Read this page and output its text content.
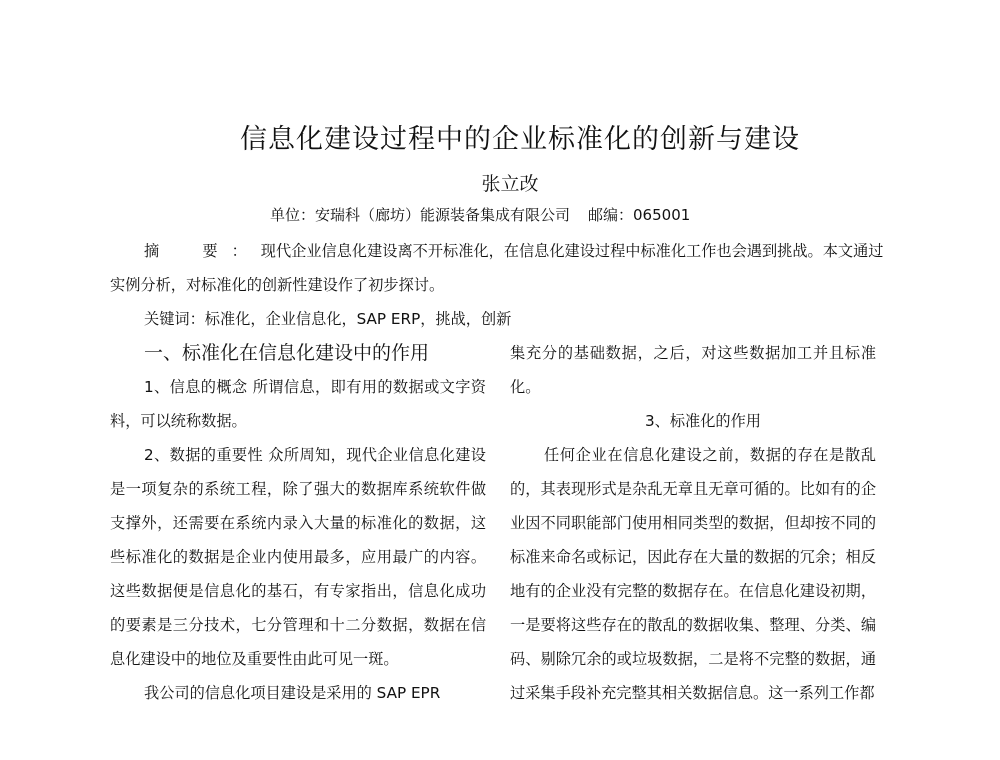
信息化建设过程中的企业标准化的创新与建设
张立改
单位：安瑞科（廊坊）能源装备集成有限公司 邮编：065001

摘　要：现代企业信息化建设离不开标准化，在信息化建设过程中标准化工作也会遇到挑战。本文通过实例分析，对标准化的创新性建设作了初步探讨。

关键词：标准化，企业信息化，SAP ERP，挑战，创新
一、标准化在信息化建设中的作用

1、信息的概念 所谓信息，即有用的数据或文字资料，可以统称数据。

2、数据的重要性 众所周知，现代企业信息化建设是一项复杂的系统工程，除了强大的数据库系统软件做支撑外，还需要在系统内录入大量的标准化的数据，这些标准化的数据是企业内使用最多，应用最广的内容。这些数据便是信息化的基石，有专家指出，信息化成功的要素是三分技术，七分管理和十二分数据，数据在信息化建设中的地位及重要性由此可见一斑。

我公司的信息化项目建设是采用的 SAP EPR

集充分的基础数据，之后，对这些数据加工并且标准化。

3、标准化的作用

任何企业在信息化建设之前，数据的存在是散乱的，其表现形式是杂乱无章且无章可循的。比如有的企业因不同职能部门使用相同类型的数据，但却按不同的标准来命名或标记，因此存在大量的数据的冗余；相反地有的企业没有完整的数据存在。在信息化建设初期，一是要将这些存在的散乱的数据收集、整理、分类、编码、剔除冗余的或垃圾数据，二是将不完整的数据，通过采集手段补充完整其相关数据信息。这一系列工作都
